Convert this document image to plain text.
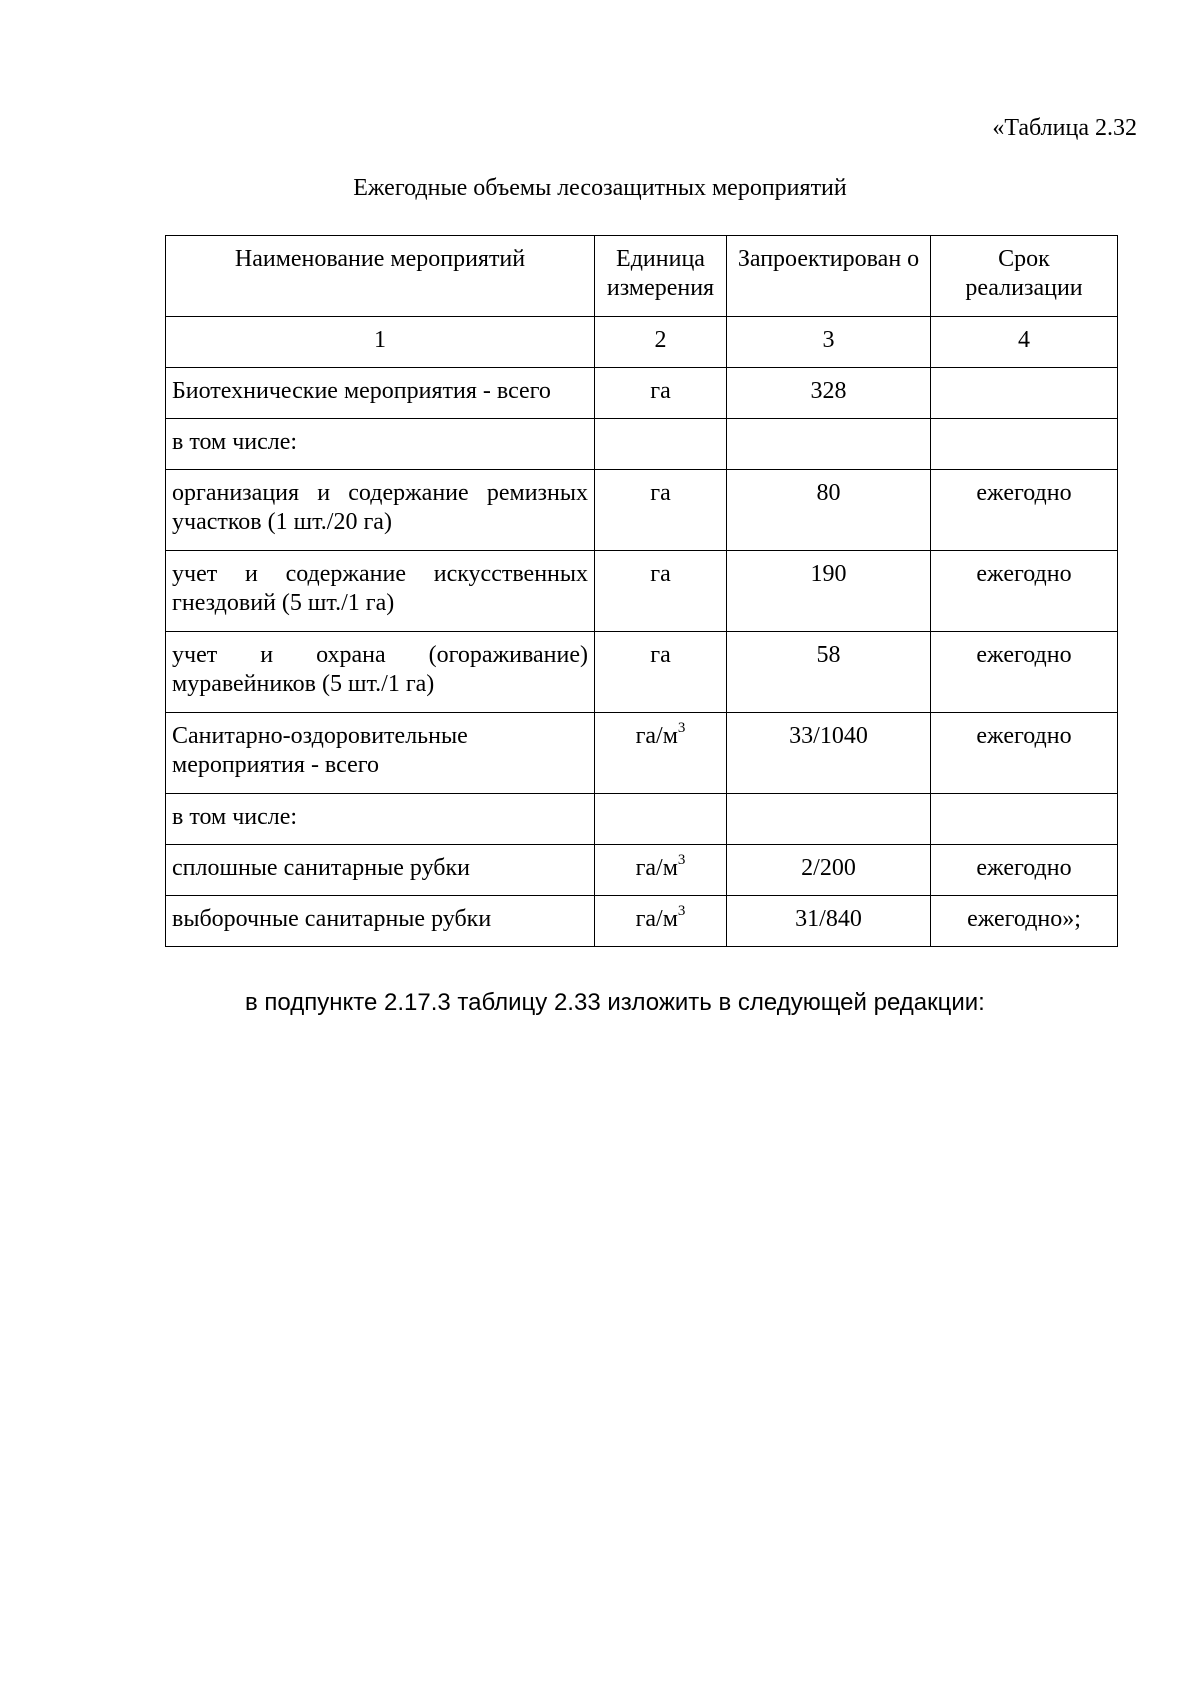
«Таблица 2.32
Ежегодные объемы лесозащитных мероприятий
Наименование мероприятий	Единица измерения	Запроектирован о	Срок реализации
1	2	3	4
Биотехнические мероприятия - всего	га	328	
в том числе:			
организация и содержание ремизных участков (1 шт./20 га)	га	80	ежегодно
учет и содержание искусственных гнездовий (5 шт./1 га)	га	190	ежегодно
учет и охрана (огораживание) муравейников (5 шт./1 га)	га	58	ежегодно
Санитарно-оздоровительные мероприятия - всего	$га/м^3$	33/1040	ежегодно
в том числе:			
сплошные санитарные рубки	$га/м^3$	2/200	ежегодно
выборочные санитарные рубки	$га/м^3$	31/840	ежегодно»;
в подпункте 2.17.3 таблицу 2.33 изложить в следующей редакции:
